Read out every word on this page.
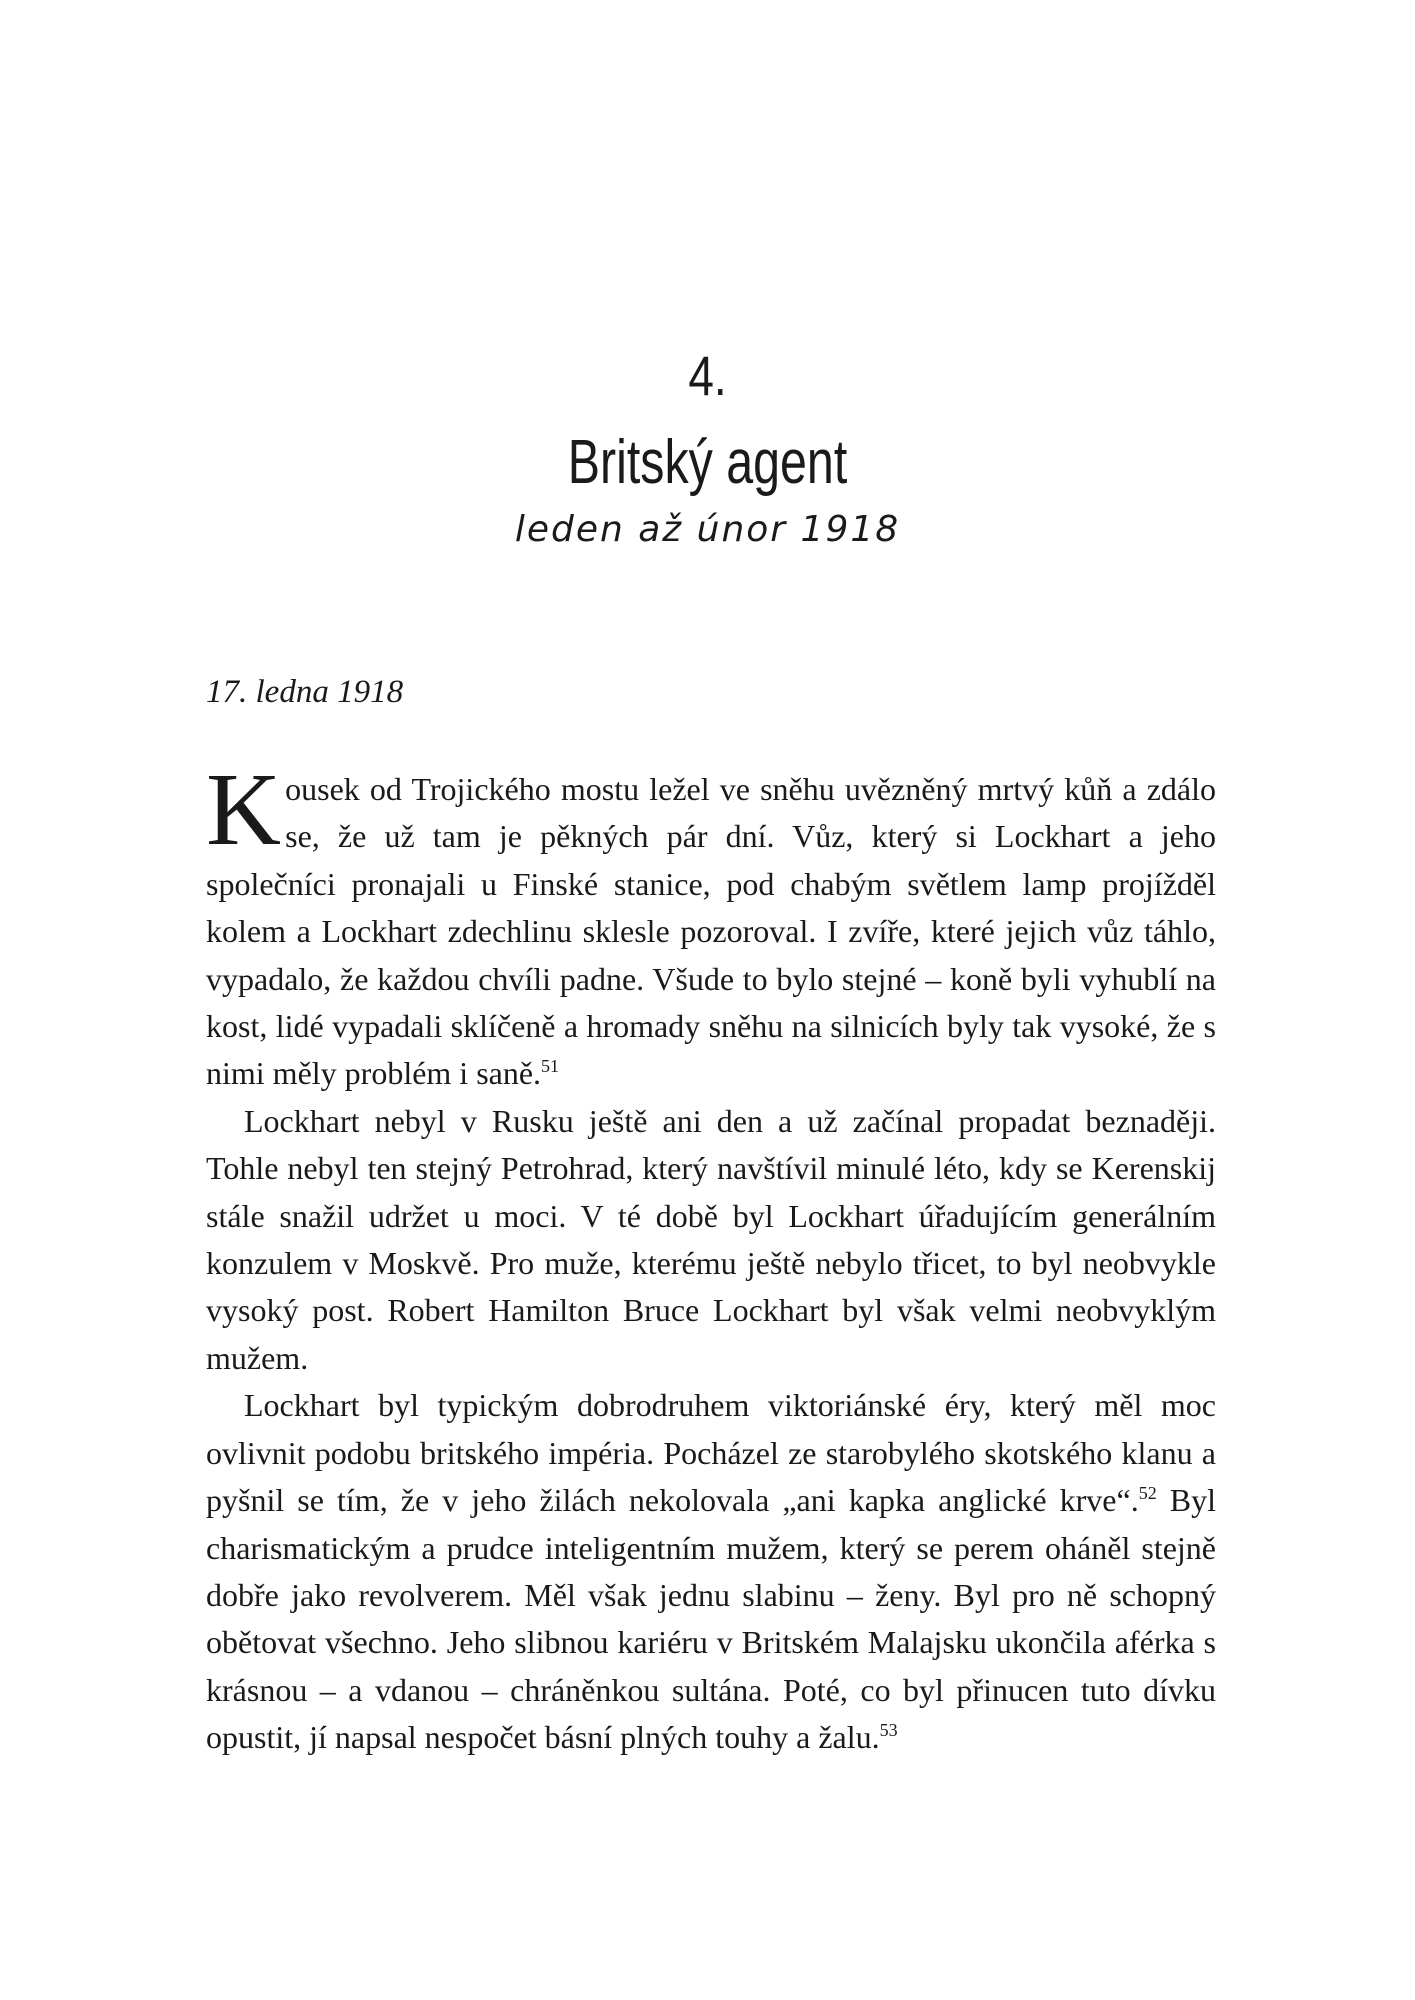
4.
Britský agent
leden až únor 1918
17. ledna 1918

Kousek od Trojického mostu ležel ve sněhu uvězněný mrtvý kůň a zdálo se, že už tam je pěkných pár dní. Vůz, který si Lockhart a jeho společníci pronajali u Finské stanice, pod chabým světlem lamp projížděl kolem a Lockhart zdechlinu sklesle pozoroval. I zvíře, které jejich vůz táhlo, vypadalo, že každou chvíli padne. Všude to bylo stejné – koně byli vyhublí na kost, lidé vypadali sklíčeně a hromady sněhu na silnicích byly tak vysoké, že s nimi měly problém i saně.$^{51}$

Lockhart nebyl v Rusku ještě ani den a už začínal propadat beznaději. Tohle nebyl ten stejný Petrohrad, který navštívil minulé léto, kdy se Kerenskij stále snažil udržet u moci. V té době byl Lockhart úřadujícím generálním konzulem v Moskvě. Pro muže, kterému ještě nebylo třicet, to byl neobvykle vysoký post. Robert Hamilton Bruce Lockhart byl však velmi neobvyklým mužem.

Lockhart byl typickým dobrodruhem viktoriánské éry, který měl moc ovlivnit podobu britského impéria. Pocházel ze starobylého skotského klanu a pyšnil se tím, že v jeho žilách nekolovala „ani kapka anglické krve“.$^{52}$ Byl charismatickým a prudce inteligentním mužem, který se perem oháněl stejně dobře jako revolverem. Měl však jednu slabinu – ženy. Byl pro ně schopný obětovat všechno. Jeho slibnou kariéru v Britském Malajsku ukončila aférka s krásnou – a vdanou – chráněnkou sultána. Poté, co byl přinucen tuto dívku opustit, jí napsal nespočet básní plných touhy a žalu.$^{53}$
